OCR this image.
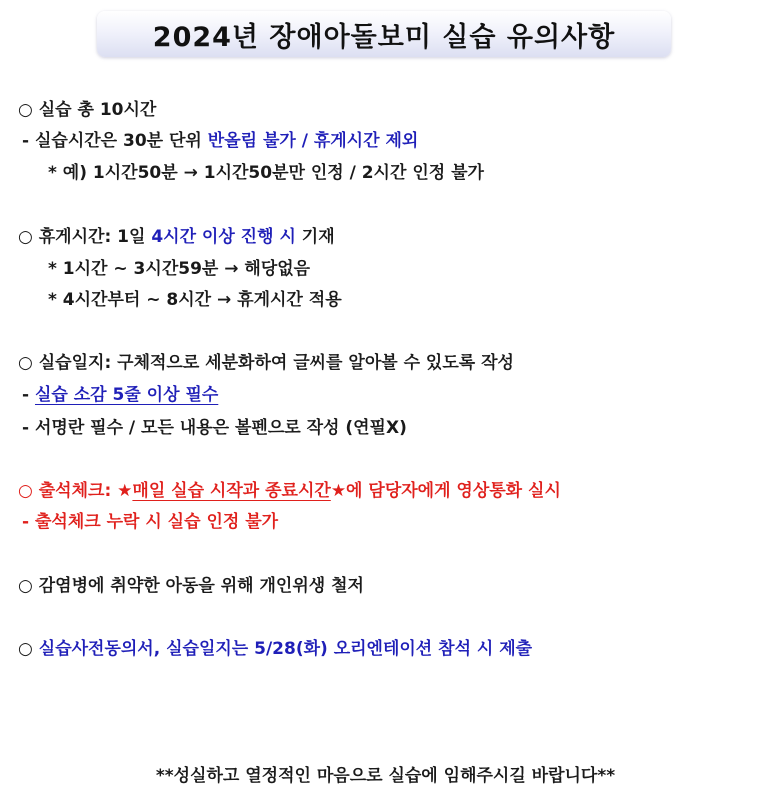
2024년 장애아돌보미 실습 유의사항
○ 실습 총 10시간
- 실습시간은 30분 단위 반올림 불가 / 휴게시간 제외
* 예) 1시간50분 → 1시간50분만 인정 / 2시간 인정 불가
○ 휴게시간: 1일 4시간 이상 진행 시 기재
* 1시간 ~ 3시간59분 → 해당없음
* 4시간부터 ~ 8시간 → 휴게시간 적용
○ 실습일지: 구체적으로 세분화하여 글씨를 알아볼 수 있도록 작성
- 실습 소감 5줄 이상 필수
- 서명란 필수 / 모든 내용은 볼펜으로 작성 (연필X)
○ 출석체크: ★매일 실습 시작과 종료시간★에 담당자에게 영상통화 실시
- 출석체크 누락 시 실습 인정 불가
○ 감염병에 취약한 아동을 위해 개인위생 철저
○ 실습사전동의서, 실습일지는 5/28(화) 오리엔테이션 참석 시 제출
**성실하고 열정적인 마음으로 실습에 임해주시길 바랍니다**
